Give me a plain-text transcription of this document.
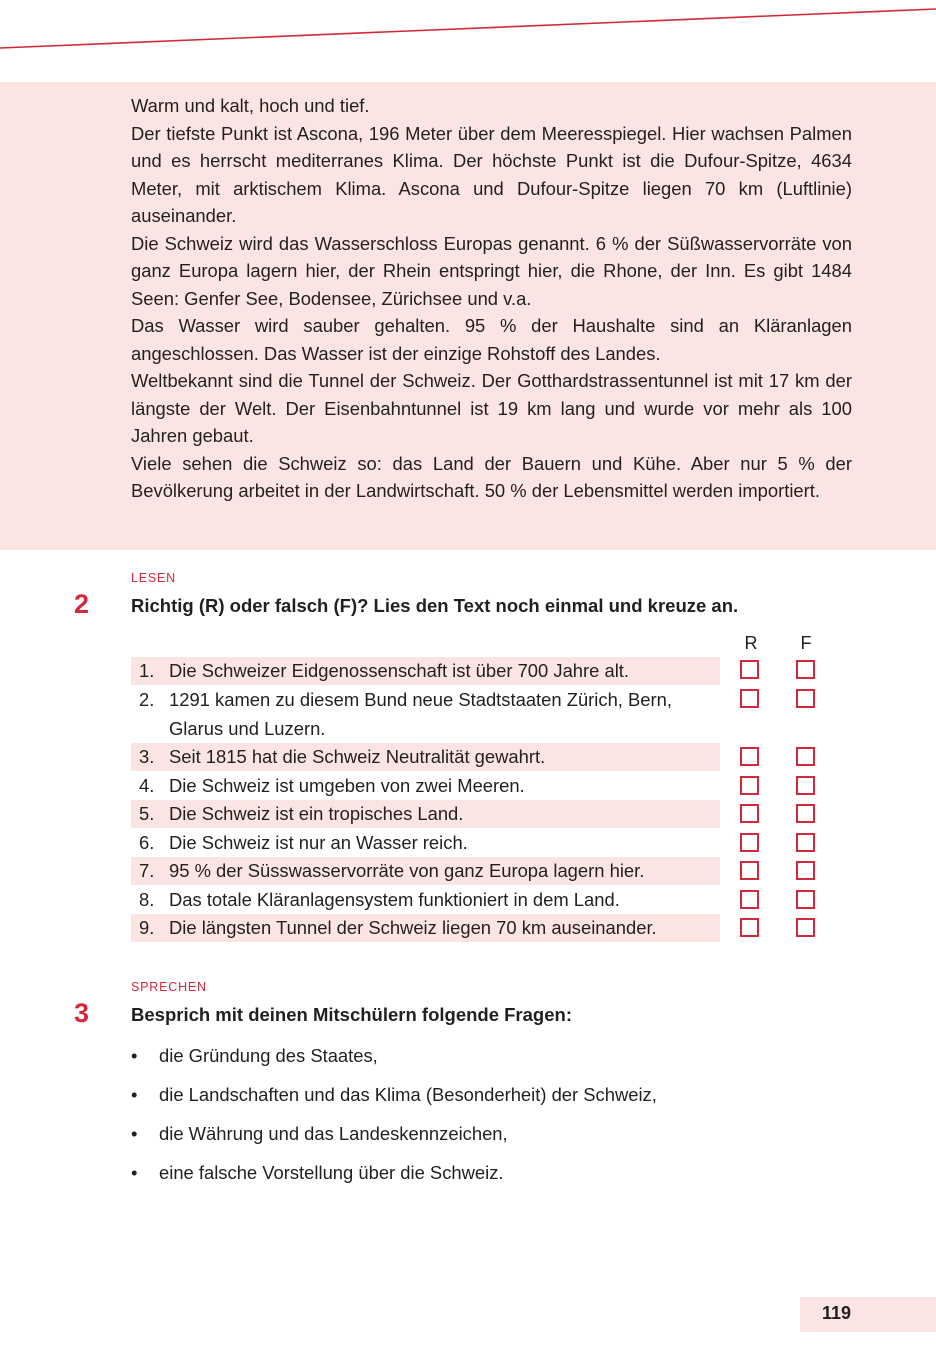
Warm und kalt, hoch und tief.

Der tiefste Punkt ist Ascona, 196 Meter über dem Meeresspiegel. Hier wachsen Palmen und es herrscht mediterranes Klima. Der höchste Punkt ist die Dufour-Spitze, 4634 Meter, mit arktischem Klima. Ascona und Dufour-Spitze liegen 70 km (Luftlinie) auseinander.

Die Schweiz wird das Wasserschloss Europas genannt. 6 % der Süßwasservorräte von ganz Europa lagern hier, der Rhein entspringt hier, die Rhone, der Inn. Es gibt 1484 Seen: Genfer See, Bodensee, Zürichsee und v.a.

Das Wasser wird sauber gehalten. 95 % der Haushalte sind an Kläranlagen angeschlossen. Das Wasser ist der einzige Rohstoff des Landes.

Weltbekannt sind die Tunnel der Schweiz. Der Gotthardstrassentunnel ist mit 17 km der längste der Welt. Der Eisenbahntunnel ist 19 km lang und wurde vor mehr als 100 Jahren gebaut.

Viele sehen die Schweiz so: das Land der Bauern und Kühe. Aber nur 5 % der Bevölkerung arbeitet in der Landwirtschaft. 50 % der Lebensmittel werden importiert.

LESEN
2 Richtig (R) oder falsch (F)? Lies den Text noch einmal und kreuze an.
R	F
1. Die Schweizer Eidgenossenschaft ist über 700 Jahre alt.
2. 1291 kamen zu diesem Bund neue Stadtstaaten Zürich, Bern, Glarus und Luzern.
3. Seit 1815 hat die Schweiz Neutralität gewahrt.
4. Die Schweiz ist umgeben von zwei Meeren.
5. Die Schweiz ist ein tropisches Land.
6. Die Schweiz ist nur an Wasser reich.
7. 95 % der Süsswasservorräte von ganz Europa lagern hier.
8. Das totale Kläranlagensystem funktioniert in dem Land.
9. Die längsten Tunnel der Schweiz liegen 70 km auseinander.
SPRECHEN
3 Besprich mit deinen Mitschülern folgende Fragen:
• die Gründung des Staates,
• die Landschaften und das Klima (Besonderheit) der Schweiz,
• die Währung und das Landeskennzeichen,
• eine falsche Vorstellung über die Schweiz.
119
